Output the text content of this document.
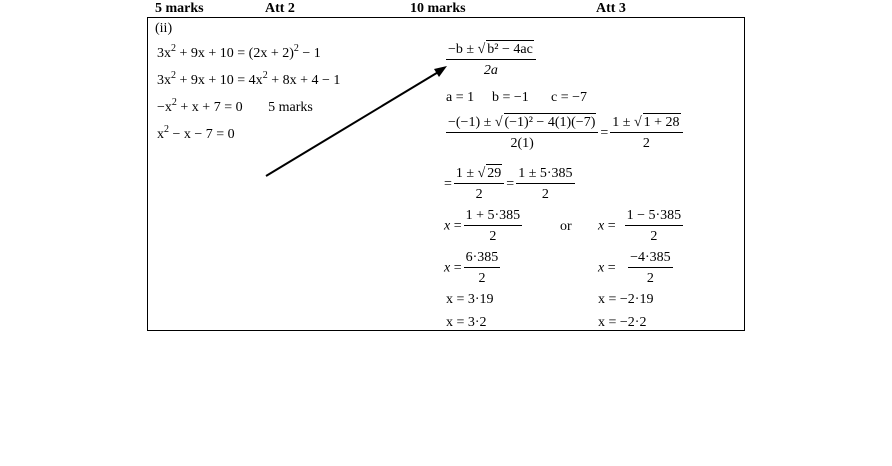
5 marks	Att 2	10 marks	Att 3
(ii)
$3x^2 + 9x + 10 = (2x + 2)^2 - 1$
$3x^2 + 9x + 10 = 4x^2 + 8x + 4 - 1$
$-x^2 + x + 7 = 0$ 5 marks
$x^2 - x - 7 = 0$
$\frac{\text{−b ± √ b² − 4ac}}{2a}$
a = 1 b = −1 c = −7
$\frac{\text{−(−1) ± √ (−1)² − 4(1)(−7)}}{2(1)} = \frac{1 \pm √ 1 + 28}{2}$
= $\frac{1 \pm √ 29}{2} = \frac{1 \pm 5\cdot 385}{2}$
$x = \frac{1 + 5\cdot 385}{2}$	or $x = \frac{1 - 5\cdot 385}{2}$
$x = \frac{6\cdot 385}{2}$	$x = \frac{-4\cdot 385}{2}$
x = 3·19	x = −2·19
x = 3·2	x = −2·2
